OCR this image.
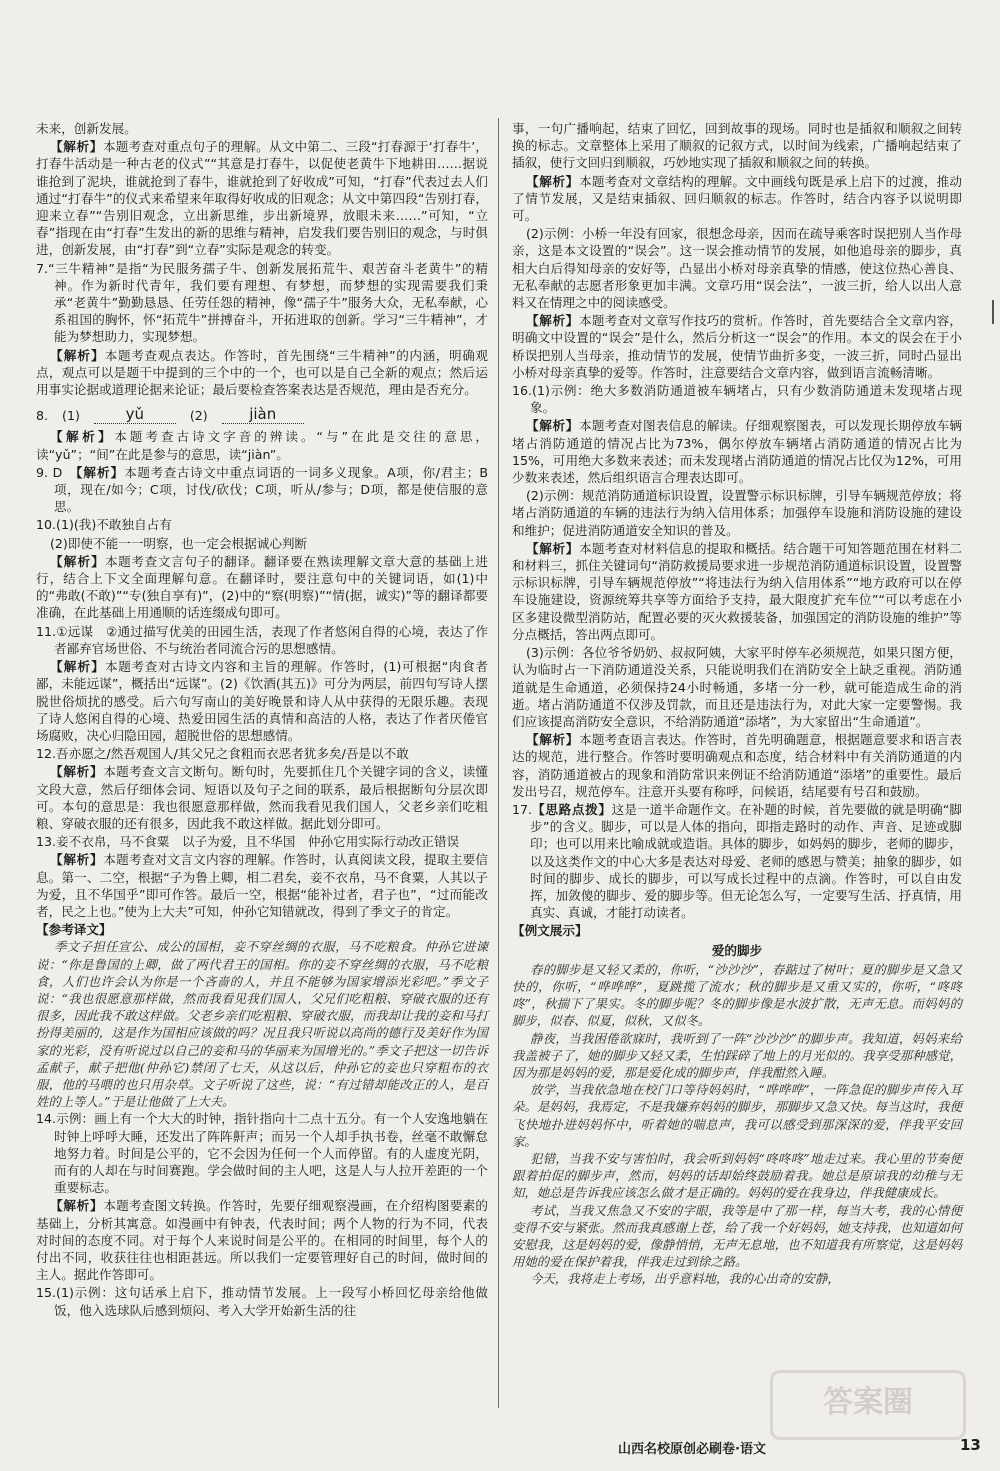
未来，创新发展。

【解析】本题考查对重点句子的理解。从文中第二、三段“打春源于‘打春牛’，打春牛活动是一种古老的仪式”“其意是打春牛，以促使老黄牛下地耕田……据说谁抢到了泥块，谁就抢到了春牛，谁就抢到了好收成”可知，“打春”代表过去人们通过“打春牛”的仪式来希望来年取得好收成的旧观念；从文中第四段“告别打春，迎来立春”“告别旧观念，立出新思维，步出新境界，放眼未来……”可知，“立春”指现在由“打春”生发出的新的思维与精神，启发我们要告别旧的观念，与时俱进，创新发展，由“打春”到“立春”实际是观念的转变。

7.“三牛精神”是指“为民服务孺子牛、创新发展拓荒牛、艰苦奋斗老黄牛”的精神。作为新时代青年，我们要有理想、有梦想，而梦想的实现需要我们秉承“老黄牛”勤勤恳恳、任劳任怨的精神，像“孺子牛”服务大众，无私奉献，心系祖国的胸怀，怀“拓荒牛”拼搏奋斗，开拓进取的创新。学习“三牛精神”，才能为梦想助力，实现梦想。

【解析】本题考查观点表达。作答时，首先围绕“三牛精神”的内涵，明确观点，观点可以是题干中提到的三个中的一个，也可以是自己全新的观点；然后运用事实论据或道理论据来论证；最后要检查答案表达是否规范，理由是否充分。

8. (1)	yǔ	(2)	jiàn

【解析】本题考查古诗文字音的辨读。“与”在此是交往的意思，读“yǔ”；“间”在此是参与的意思，读“jiàn”。

9. D　 【解析】本题考查古诗文中重点词语的一词多义现象。A项，你/君主；B项，现在/如今；C项，讨伐/砍伐；C项，听从/参与；D项，都是使信服的意思。

10.(1)(我)不敢独自占有

(2)即使不能一一明察，也一定会根据诚心判断

【解析】本题考查文言句子的翻译。翻译要在熟读理解文章大意的基础上进行，结合上下文全面理解句意。在翻译时，要注意句中的关键词语，如(1)中的“弗敢(不敢)”“专(独自享有)”，(2)中的“察(明察)”“情(据，诚实)”等的翻译都要准确，在此基础上用通顺的话连缀成句即可。

11.①远谋　②通过描写优美的田园生活，表现了作者悠闲自得的心境，表达了作者鄙弃官场世俗、不与统治者同流合污的思想感情。

【解析】本题考查对古诗文内容和主旨的理解。作答时，(1)可根据“肉食者鄙，未能远谋”，概括出“远谋”。(2)《饮酒(其五)》可分为两层，前四句写诗人摆脱世俗烦扰的感受。后六句写南山的美好晚景和诗人从中获得的无限乐趣。表现了诗人悠闲自得的心境、热爱田园生活的真情和高洁的人格，表达了作者厌倦官场腐败，决心归隐田园，超脱世俗的思想感情。

12.吾亦愿之/然吾观国人/其父兄之食粗而衣恶者犹多矣/吾是以不敢

【解析】本题考查文言文断句。断句时，先要抓住几个关键字词的含义，读懂文段大意，然后仔细体会词、短语以及句子之间的联系，最后根据断句分层次即可。本句的意思是：我也很愿意那样做，然而我看见我们国人，父老乡亲们吃粗粮、穿破衣服的还有很多，因此我不敢这样做。据此划分即可。

13.妾不衣帛，马不食粟　以子为爱，且不华国　仲孙它用实际行动改正错误

【解析】本题考查对文言文内容的理解。作答时，认真阅读文段，提取主要信息。第一、二空，根据“子为鲁上卿，相二君矣，妾不衣帛，马不食粟，人其以子为爱，且不华国乎”即可作答。最后一空，根据“能补过者，君子也”，“过而能改者，民之上也。”使为上大夫”可知，仲孙它知错就改，得到了季文子的肯定。

【参考译文】

季文子担任宣公、成公的国相，妾不穿丝绸的衣服，马不吃粮食。仲孙它进谏说：“你是鲁国的上卿，做了两代君王的国相。你的妾不穿丝绸的衣服，马不吃粮食，人们也许会认为你是一个吝啬的人，并且不能够为国家增添光彩吧。”季文子说：“我也很愿意那样做，然而我看见我们国人，父兄们吃粗粮、穿破衣服的还有很多，因此我不敢这样做。父老乡亲们吃粗粮、穿破衣服，而我却让我的妾和马打扮得美丽的，这是作为国相应该做的吗？况且我只听说以高尚的德行及美好作为国家的光彩，没有听说过以自己的妾和马的华丽来为国增光的。”季文子把这一切告诉孟献子，献子把他(仲孙它)禁闭了七天，从这以后，仲孙它的妾也只穿粗布的衣服，他的马喂的也只用杂草。文子听说了这些，说：“有过错却能改正的人，是百姓的上等人。”于是让他做了上大夫。

14.示例：画上有一个大大的时钟，指针指向十二点十五分。有一个人安逸地躺在时钟上呼呼大睡，还发出了阵阵鼾声；而另一个人却手执书卷，丝毫不敢懈怠地努力着。时间是公平的，它不会因为任何一个人而停留。有的人虚度光阴，而有的人却在与时间赛跑。学会做时间的主人吧，这是人与人拉开差距的一个重要标志。

【解析】本题考查图文转换。作答时，先要仔细观察漫画，在介绍构图要素的基础上，分析其寓意。如漫画中有钟表，代表时间；两个人物的行为不同，代表对时间的态度不同。对于每个人来说时间是公平的。在相同的时间里，每个人的付出不同，收获往往也相距甚远。所以我们一定要管理好自己的时间，做时间的主人。据此作答即可。

15.(1)示例：这句话承上启下，推动情节发展。上一段写小桥回忆母亲给他做饭，他入选球队后感到烦闷、考入大学开始新生活的往

事，一句广播响起，结束了回忆，回到故事的现场。同时也是插叙和顺叙之间转换的标志。文章整体上采用了顺叙的记叙方式，以时间为线索，广播响起结束了插叙，使行文回归到顺叙，巧妙地实现了插叙和顺叙之间的转换。

【解析】本题考查对文章结构的理解。文中画线句既是承上启下的过渡，推动了情节发展，又是结束插叙、回归顺叙的标志。作答时，结合内容予以说明即可。

(2)示例：小桥一年没有回家，很想念母亲，因而在疏导乘客时误把别人当作母亲，这是本文设置的“误会”。这一误会推动情节的发展，如他追母亲的脚步，真相大白后得知母亲的安好等，凸显出小桥对母亲真挚的情感，使这位热心善良、无私奉献的志愿者形象更加丰满。文章巧用“误会法”，一波三折，给人以出人意料又在情理之中的阅读感受。

【解析】本题考查对文章写作技巧的赏析。作答时，首先要结合全文章内容，明确文中设置的“误会”是什么，然后分析这一“误会”的作用。本文的误会在于小桥误把别人当母亲，推动情节的发展，使情节曲折多变，一波三折，同时凸显出小桥对母亲真挚的爱等。作答时，注意要结合文章内容，做到语言流畅清晰。

16.(1)示例：绝大多数消防通道被车辆堵占，只有少数消防通道未发现堵占现象。

【解析】本题考查对图表信息的解读。仔细观察图表，可以发现长期停放车辆堵占消防通道的情况占比为73%，偶尔停放车辆堵占消防通道的情况占比为15%，可用绝大多数来表述；而未发现堵占消防通道的情况占比仅为12%，可用少数来表述，然后组织语言合理表达即可。

(2)示例：规范消防通道标识设置，设置警示标识标牌，引导车辆规范停放；将堵占消防通道的车辆的违法行为纳入信用体系；加强停车设施和消防设施的建设和维护；促进消防通道安全知识的普及。

【解析】本题考查对材料信息的提取和概括。结合题干可知答题范围在材料二和材料三，抓住关键词句“消防救援局要求进一步规范消防通道标识设置，设置警示标识标牌，引导车辆规范停放”“将违法行为纳入信用体系”“地方政府可以在停车设施建设，资源统筹共享等方面给予支持，最大限度扩充车位”“可以考虑在小区多建设微型消防站，配置必要的灭火救援装备，加强国定的消防设施的维护”等分点概括，答出两点即可。

(3)示例：各位爷爷奶奶、叔叔阿姨，大家平时停车必须规范，如果只图方便，认为临时占一下消防通道没关系，只能说明我们在消防安全上缺乏重视。消防通道就是生命通道，必须保持24小时畅通，多堵一分一秒，就可能造成生命的消逝。堵占消防通道不仅涉及罚款，而且还是违法行为，对此大家一定要警惕。我们应该提高消防安全意识，不给消防通道“添堵”，为大家留出“生命通道”。

【解析】本题考查语言表达。作答时，首先明确题意，根据题意要求和语言表达的规范，进行整合。作答时要明确观点和态度，结合材料中有关消防通道的内容，消防通道被占的现象和消防常识来例证不给消防通道“添堵”的重要性。最后发出号召，规范停车。注意开头要有称呼，问候语，结尾要有号召和鼓励。

17.【思路点拨】这是一道半命题作文。在补题的时候，首先要做的就是明确“脚步”的含义。脚步，可以是人体的指向，即指走路时的动作、声音、足迹或脚印；也可以用来比喻成就或造诣。具体的脚步，如妈妈的脚步，老师的脚步，以及这类作文的中心大多是表达对母爱、老师的感恩与赞美；抽象的脚步，如时间的脚步、成长的脚步，可以写成长过程中的点滴。作答时，可以自由发挥，加敛傻的脚步、爱的脚步等。但无论怎么写，一定要写生活、抒真情，用真实、真诚，才能打动读者。

【例文展示】

爱的脚步

春的脚步是又轻又柔的，你听，“沙沙沙”，春踮过了树叶；夏的脚步是又急又快的，你听，“哗哗哗”，夏跳揽了流水；秋的脚步是又重又实的，你听，“咚咚咚”，秋揣下了果实。冬的脚步呢？冬的脚步像是水波扩散，无声无息。而妈妈的脚步，似春、似夏，似秋，又似冬。

静夜，当我困倦欲寐时，我听到了一阵“沙沙沙”的脚步声。我知道，妈妈来给我盖被子了，她的脚步又轻又柔，生怕踩碎了地上的月光似的。我享受那种感觉，因为那是妈妈的爱，那是爱化成的脚步声，伴我酣然入睡。

放学，当我依急地在校门口等待妈妈时，“哗哗哗”，一阵急促的脚步声传入耳朵。是妈妈，我焉定，不是我嫌弃妈妈的脚步，那脚步又急又快。每当这时，我便飞快地扑进妈妈怀中，听着她的喘息声，我可以感受到那深深的爱，伴我平安回家。

犯错，当我不安与害怕时，我会听到妈妈“咚咚咚”地走过来。我心里的节奏便跟着拍促的脚步声，然而，妈妈的话却始终鼓励着我。她总是原谅我的幼稚与无知，她总是告诉我应该怎么做才是正确的。妈妈的爱在我身边，伴我健康成长。

考试，当我又焦急又不安的字眼，我等是中了那一样，每当大考，我的心情便变得不安与紧张。然而我真感谢上苍，给了我一个好妈妈，她支持我，也知道如何安慰我，这是妈妈的爱，像静悄悄，无声无息地，也不知道我有所察觉，这是妈妈用她的爱在保护着我，伴我走过到徐之路。

今天，我将走上考场，出乎意料地，我的心出奇的安静，

答案圈
山西名校原创必刷卷·语文	13
